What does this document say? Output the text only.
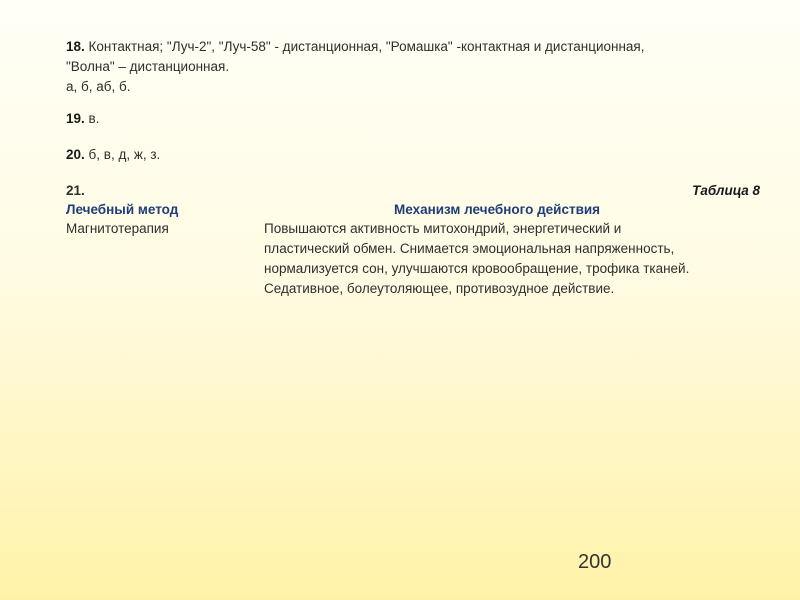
18. Контактная; "Луч-2", "Луч-58" - дистанционная, "Ромашка" -контактная и дистанционная,
"Волна" – дистанционная.
а, б, аб, б.
19. в.
20. б, в, д, ж, з.
21.	Таблица 8
Лечебный метод	Механизм лечебного действия
Магнитотерапия	Повышаются активность митохондрий, энергетический и
пластический обмен. Снимается эмоциональная напряженность,
нормализуется сон, улучшаются кровообращение, трофика тканей.
Седативное, болеутоляющее, противозудное действие.
200
